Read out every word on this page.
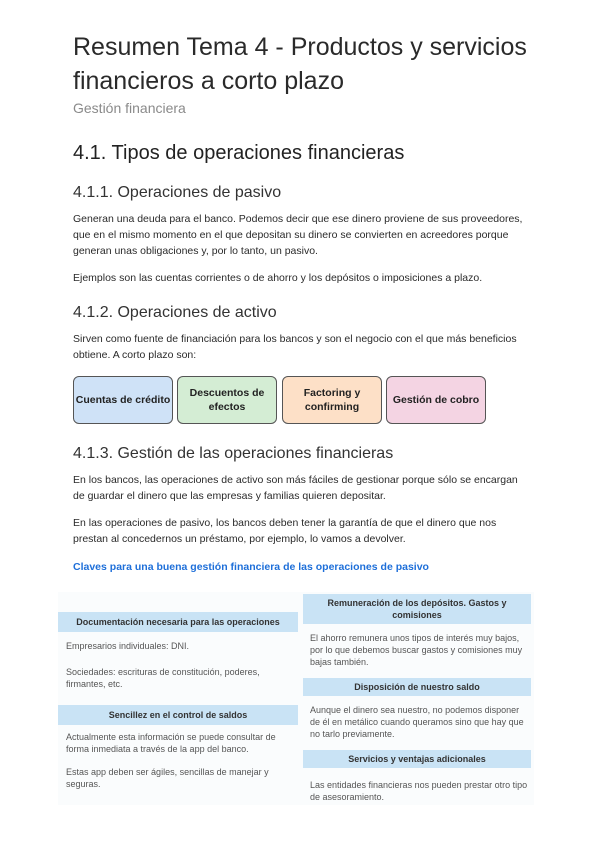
Resumen Tema 4 - Productos y servicios financieros a corto plazo
Gestión financiera
4.1. Tipos de operaciones financieras
4.1.1. Operaciones de pasivo
Generan una deuda para el banco. Podemos decir que ese dinero proviene de sus proveedores, que en el mismo momento en el que depositan su dinero se convierten en acreedores porque generan unas obligaciones y, por lo tanto, un pasivo.
Ejemplos son las cuentas corrientes o de ahorro y los depósitos o imposiciones a plazo.
4.1.2. Operaciones de activo
Sirven como fuente de financiación para los bancos y son el negocio con el que más beneficios obtiene. A corto plazo son:
Cuentas de crédito
Descuentos de efectos
Factoring y confirming
Gestión de cobro
4.1.3. Gestión de las operaciones financieras
En los bancos, las operaciones de activo son más fáciles de gestionar porque sólo se encargan de guardar el dinero que las empresas y familias quieren depositar.
En las operaciones de pasivo, los bancos deben tener la garantía de que el dinero que nos prestan al concedernos un préstamo, por ejemplo, lo vamos a devolver.
Claves para una buena gestión financiera de las operaciones de pasivo
Documentación necesaria para las operaciones
Empresarios individuales: DNI.
Sociedades: escrituras de constitución, poderes, firmantes, etc.
Sencillez en el control de saldos
Actualmente esta información se puede consultar de forma inmediata a través de la app del banco.
Estas app deben ser ágiles, sencillas de manejar y seguras.
Remuneración de los depósitos. Gastos y comisiones
El ahorro remunera unos tipos de interés muy bajos, por lo que debemos buscar gastos y comisiones muy bajas también.
Disposición de nuestro saldo
Aunque el dinero sea nuestro, no podemos disponer de él en metálico cuando queramos sino que hay que no tarlo previamente.
Servicios y ventajas adicionales
Las entidades financieras nos pueden prestar otro tipo de asesoramiento.
